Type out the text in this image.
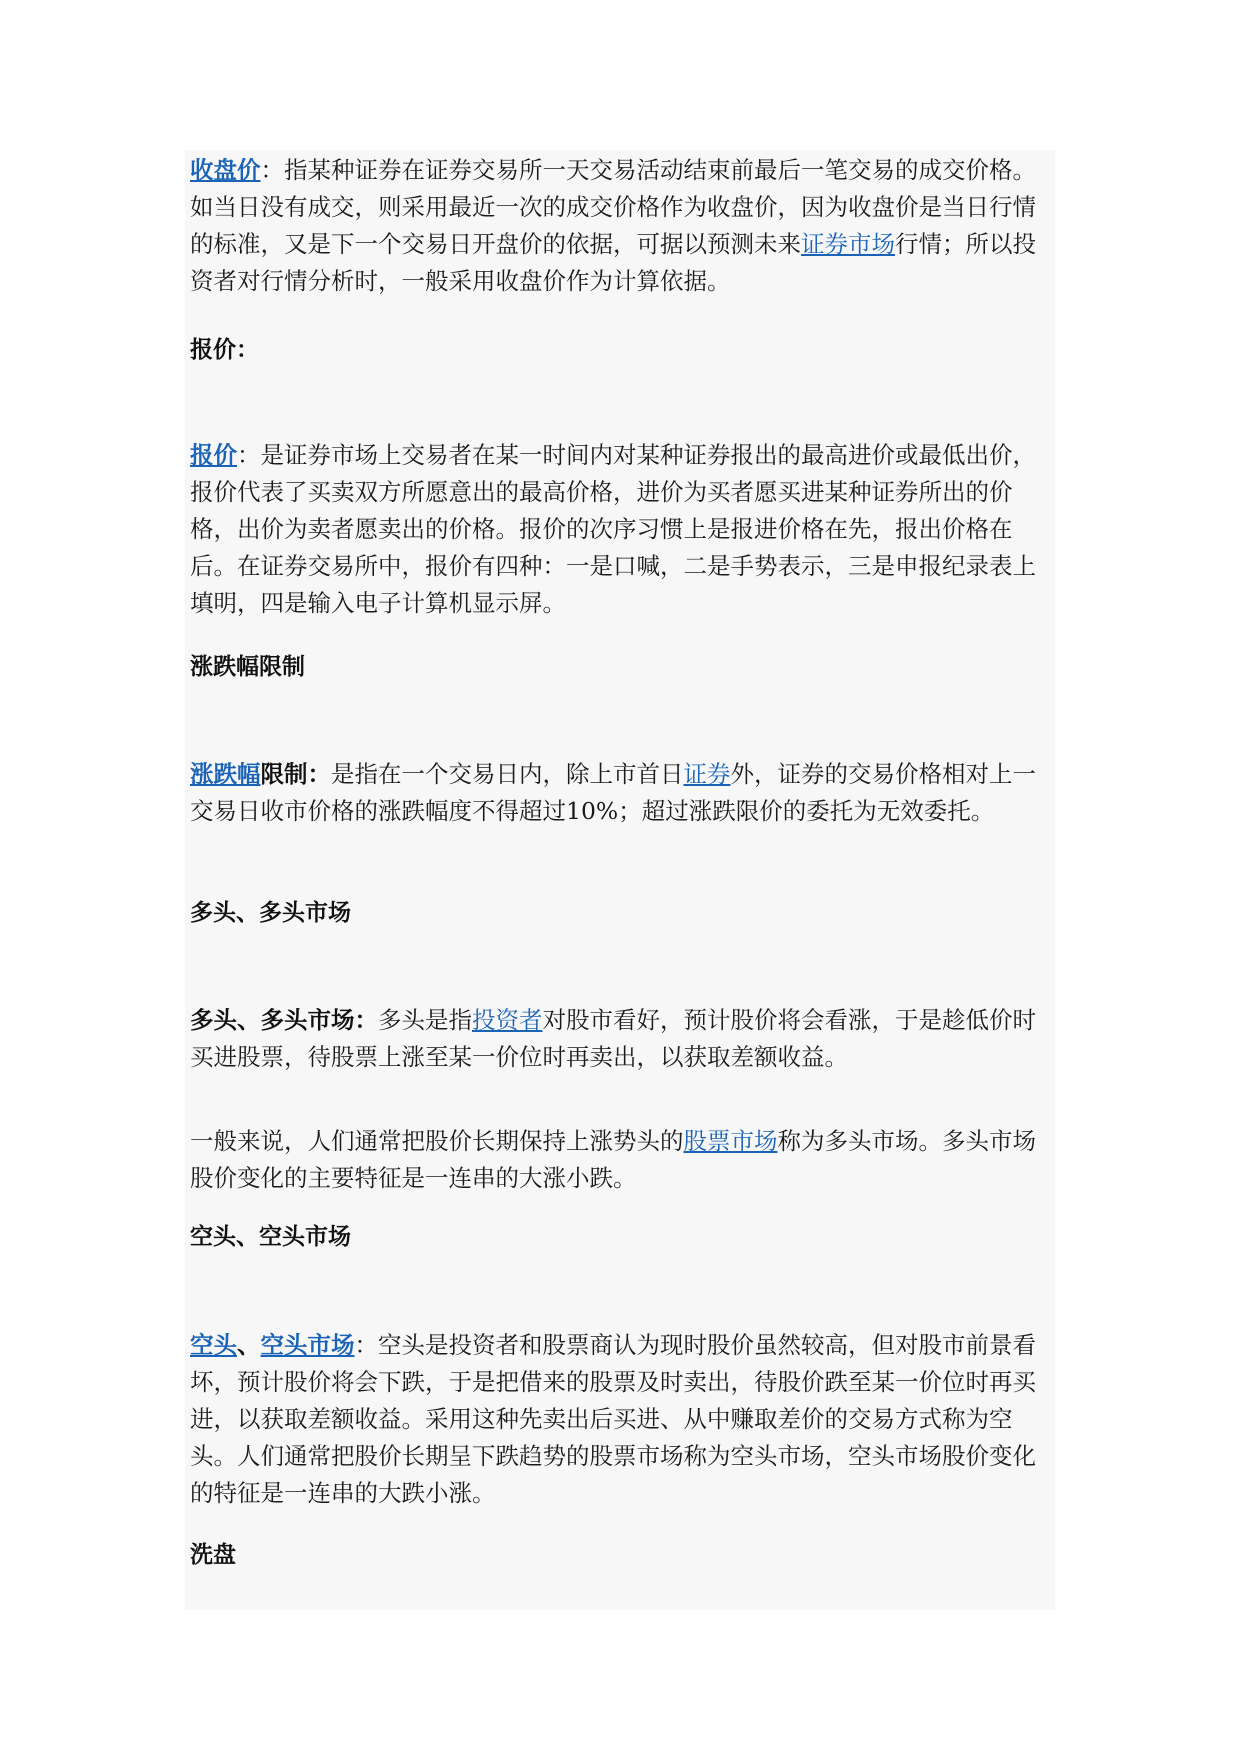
收盘价：指某种证券在证券交易所一天交易活动结束前最后一笔交易的成交价格。如当日没有成交，则采用最近一次的成交价格作为收盘价，因为收盘价是当日行情的标准，又是下一个交易日开盘价的依据，可据以预测未来证券市场行情；所以投资者对行情分析时，一般采用收盘价作为计算依据。

报价：

报价：是证券市场上交易者在某一时间内对某种证券报出的最高进价或最低出价，报价代表了买卖双方所愿意出的最高价格，进价为买者愿买进某种证券所出的价格，出价为卖者愿卖出的价格。报价的次序习惯上是报进价格在先，报出价格在后。在证券交易所中，报价有四种：一是口喊，二是手势表示，三是申报纪录表上填明，四是输入电子计算机显示屏。

涨跌幅限制

涨跌幅限制：是指在一个交易日内，除上市首日证券外，证券的交易价格相对上一交易日收市价格的涨跌幅度不得超过10%；超过涨跌限价的委托为无效委托。

多头、多头市场

多头、多头市场：多头是指投资者对股市看好，预计股价将会看涨，于是趁低价时买进股票，待股票上涨至某一价位时再卖出，以获取差额收益。

一般来说，人们通常把股价长期保持上涨势头的股票市场称为多头市场。多头市场股价变化的主要特征是一连串的大涨小跌。

空头、空头市场

空头、空头市场：空头是投资者和股票商认为现时股价虽然较高，但对股市前景看坏，预计股价将会下跌，于是把借来的股票及时卖出，待股价跌至某一价位时再买进，以获取差额收益。采用这种先卖出后买进、从中赚取差价的交易方式称为空头。人们通常把股价长期呈下跌趋势的股票市场称为空头市场，空头市场股价变化的特征是一连串的大跌小涨。

洗盘
